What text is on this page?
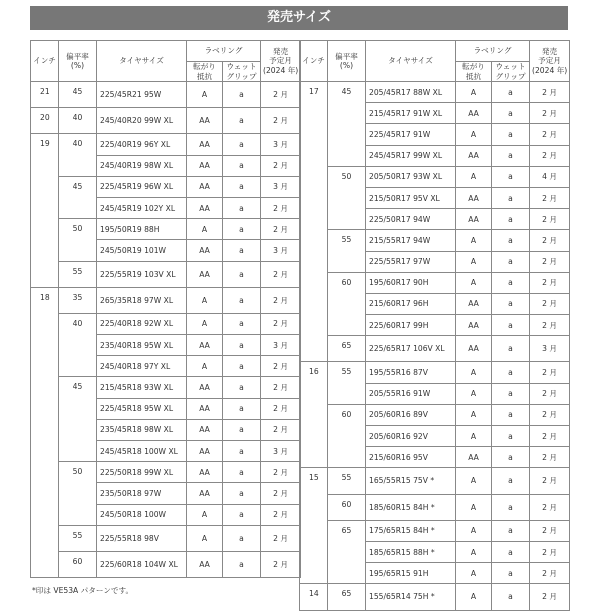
発売サイズ
インチ	偏平率
(%)	タイヤサイズ	ラベリング		発売
予定月
(2024 年)
			転がり
抵抗	ウェット
グリップ	
21	45	225/45R21 95W	A	a	2 月
20	40	245/40R20 99W XL	AA	a	2 月
19	40	225/40R19 96Y XL	AA	a	3 月
		245/40R19 98W XL	AA	a	2 月
	45	225/45R19 96W XL	AA	a	3 月
		245/45R19 102Y XL	AA	a	2 月
	50	195/50R19 88H	A	a	2 月
		245/50R19 101W	AA	a	3 月
	55	225/55R19 103V XL	AA	a	2 月
18	35	265/35R18 97W XL	A	a	2 月
	40	225/40R18 92W XL	A	a	2 月
		235/40R18 95W XL	AA	a	3 月
		245/40R18 97Y XL	A	a	2 月
	45	215/45R18 93W XL	AA	a	2 月
		225/45R18 95W XL	AA	a	2 月
		235/45R18 98W XL	AA	a	2 月
		245/45R18 100W XL	AA	a	3 月
	50	225/50R18 99W XL	AA	a	2 月
		235/50R18 97W	AA	a	2 月
		245/50R18 100W	A	a	2 月
	55	225/55R18 98V	A	a	2 月
	60	225/60R18 104W XL	AA	a	2 月
インチ	偏平率
(%)	タイヤサイズ	ラベリング		発売
予定月
(2024 年)
			転がり
抵抗	ウェット
グリップ	
17	45	205/45R17 88W XL	A	a	2 月
		215/45R17 91W XL	AA	a	2 月
		225/45R17 91W	A	a	2 月
		245/45R17 99W XL	AA	a	2 月
	50	205/50R17 93W XL	A	a	4 月
		215/50R17 95V XL	AA	a	2 月
		225/50R17 94W	AA	a	2 月
	55	215/55R17 94W	A	a	2 月
		225/55R17 97W	A	a	2 月
	60	195/60R17 90H	A	a	2 月
		215/60R17 96H	AA	a	2 月
		225/60R17 99H	AA	a	2 月
	65	225/65R17 106V XL	AA	a	3 月
16	55	195/55R16 87V	A	a	2 月
		205/55R16 91W	A	a	2 月
	60	205/60R16 89V	A	a	2 月
		205/60R16 92V	A	a	2 月
		215/60R16 95V	AA	a	2 月
15	55	165/55R15 75V *	A	a	2 月
	60	185/60R15 84H *	A	a	2 月
	65	175/65R15 84H *	A	a	2 月
		185/65R15 88H *	A	a	2 月
		195/65R15 91H	A	a	2 月
14	65	155/65R14 75H *	A	a	2 月
*印は VE53A パターンです。
